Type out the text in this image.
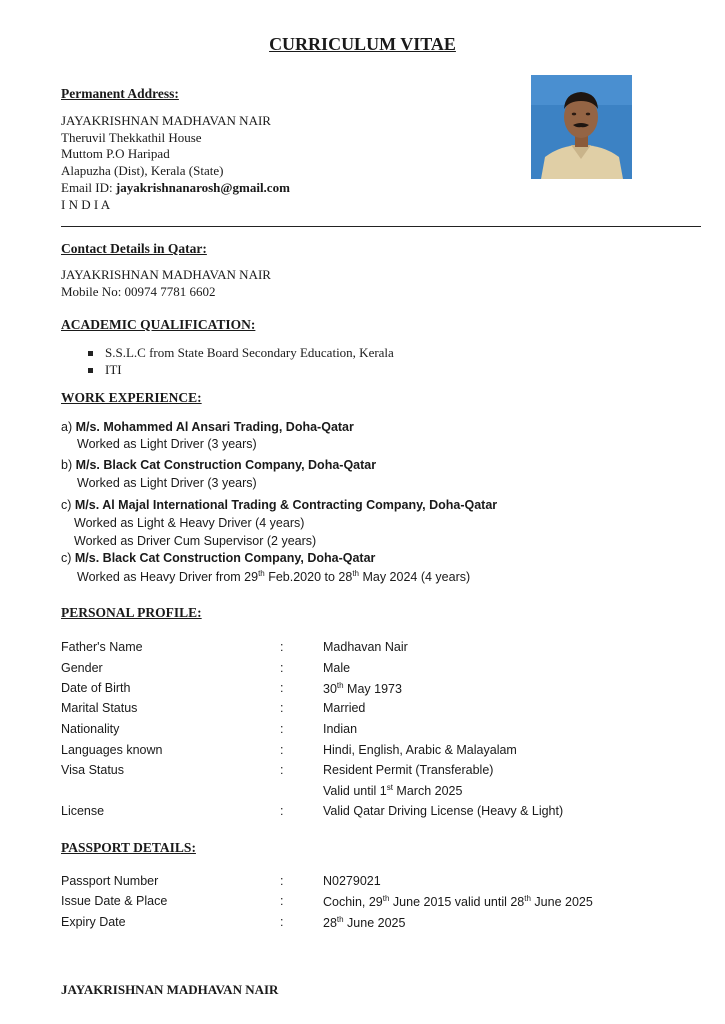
CURRICULUM VITAE
Permanent Address:
JAYAKRISHNAN MADHAVAN NAIR
Theruvil Thekkathil House
Muttom P.O Haripad
Alapuzha (Dist), Kerala (State)
Email ID: jayakrishnanarosh@gmail.com
I N D I A
Contact Details in Qatar:
JAYAKRISHNAN MADHAVAN NAIR
Mobile No: 00974 7781 6602
ACADEMIC QUALIFICATION:
S.S.L.C from State Board Secondary Education, Kerala
ITI
WORK EXPERIENCE:
a) M/s. Mohammed Al Ansari Trading, Doha-Qatar
Worked as Light Driver (3 years)
b) M/s. Black Cat Construction Company, Doha-Qatar
Worked as Light Driver (3 years)
c) M/s. Al Majal International Trading & Contracting Company, Doha-Qatar
Worked as Light & Heavy Driver (4 years)
Worked as Driver Cum Supervisor (2 years)
c) M/s. Black Cat Construction Company, Doha-Qatar
Worked as Heavy Driver from 29th Feb.2020 to 28th May 2024 (4 years)
PERSONAL PROFILE:
Father's Name	:	Madhavan Nair
Gender	:	Male
Date of Birth	:	30th May 1973
Marital Status	:	Married
Nationality	:	Indian
Languages known	:	Hindi, English, Arabic & Malayalam
Visa Status	:	Resident Permit (Transferable)
Valid until 1st March 2025
License	:	Valid Qatar Driving License (Heavy & Light)
PASSPORT DETAILS:
Passport Number	:	N0279021
Issue Date & Place	:	Cochin, 29th June 2015 valid until 28th June 2025
Expiry Date	:	28th June 2025
JAYAKRISHNAN MADHAVAN NAIR
